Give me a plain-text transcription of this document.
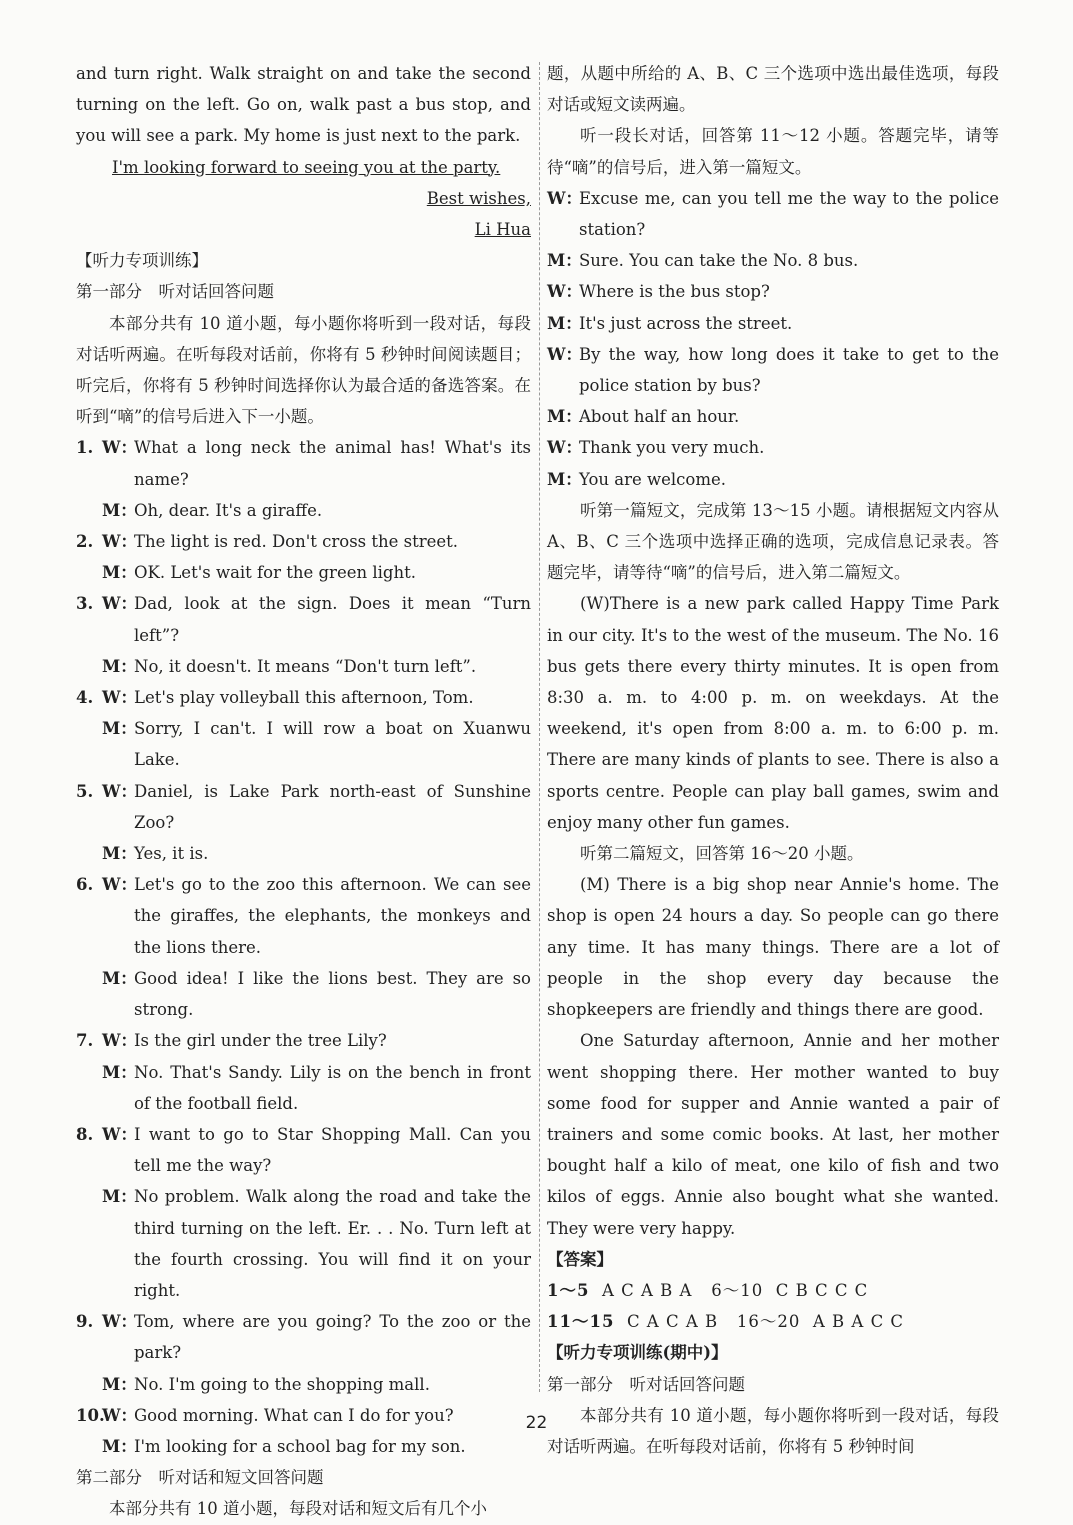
and turn right. Walk straight on and take the second turning on the left. Go on, walk past a bus stop, and you will see a park. My home is just next to the park.

I'm looking forward to seeing you at the party.

Best wishes,

Li Hua

【听力专项训练】

第一部分　听对话回答问题

本部分共有 10 道小题，每小题你将听到一段对话，每段对话听两遍。在听每段对话前，你将有 5 秒钟时间阅读题目；听完后，你将有 5 秒钟时间选择你认为最合适的备选答案。在听到“嘀”的信号后进入下一小题。

1. W：
What a long neck the animal has! What's its name?
M：
Oh, dear. It's a giraffe.
2. W：
The light is red. Don't cross the street.
M：
OK. Let's wait for the green light.
3. W：
Dad, look at the sign. Does it mean “Turn left”?
M：
No, it doesn't. It means “Don't turn left”.
4. W：
Let's play volleyball this afternoon, Tom.
M：
Sorry, I can't. I will row a boat on Xuanwu Lake.
5. W：
Daniel, is Lake Park north-east of Sunshine Zoo?
M：
Yes, it is.
6. W：
Let's go to the zoo this afternoon. We can see the giraffes, the elephants, the monkeys and the lions there.
M：
Good idea! I like the lions best. They are so strong.
7. W：
Is the girl under the tree Lily?
M：
No. That's Sandy. Lily is on the bench in front of the football field.
8. W：
I want to go to Star Shopping Mall. Can you tell me the way?
M：
No problem. Walk along the road and take the third turning on the left. Er. . . No. Turn left at the fourth crossing. You will find it on your right.
9. W：
Tom, where are you going? To the zoo or the park?
M：
No. I'm going to the shopping mall.
10.
W：
Good morning. What can I do for you?
M：
I'm looking for a school bag for my son.

第二部分　听对话和短文回答问题

本部分共有 10 道小题，每段对话和短文后有几个小

题，从题中所给的 A、B、C 三个选项中选出最佳选项，每段对话或短文读两遍。

听一段长对话，回答第 11～12 小题。答题完毕，请等待“嘀”的信号后，进入第一篇短文。

W：
Excuse me, can you tell me the way to the police station?
M：
Sure. You can take the No. 8 bus.
W：
Where is the bus stop?
M：
It's just across the street.
W：
By the way, how long does it take to get to the police station by bus?
M：
About half an hour.
W：
Thank you very much.
M：
You are welcome.

听第一篇短文，完成第 13～15 小题。请根据短文内容从 A、B、C 三个选项中选择正确的选项，完成信息记录表。答题完毕，请等待“嘀”的信号后，进入第二篇短文。

(W)There is a new park called Happy Time Park in our city. It's to the west of the museum. The No. 16 bus gets there every thirty minutes. It is open from 8:30 a. m. to 4:00 p. m. on weekdays. At the weekend, it's open from 8:00 a. m. to 6:00 p. m. There are many kinds of plants to see. There is also a sports centre. People can play ball games, swim and enjoy many other fun games.

听第二篇短文，回答第 16～20 小题。

(M) There is a big shop near Annie's home. The shop is open 24 hours a day. So people can go there any time. It has many things. There are a lot of people in the shop every day because the shopkeepers are friendly and things there are good.

One Saturday afternoon, Annie and her mother went shopping there. Her mother wanted to buy some food for supper and Annie wanted a pair of trainers and some comic books. At last, her mother bought half a kilo of meat, one kilo of fish and two kilos of eggs. Annie also bought what she wanted. They were very happy.

【答案】

1～5 A C A B A 6～10 C B C C C

11～15 C A C A B 16～20 A B A C C

【听力专项训练(期中)】

第一部分　听对话回答问题

本部分共有 10 道小题，每小题你将听到一段对话，每段对话听两遍。在听每段对话前，你将有 5 秒钟时间

22
